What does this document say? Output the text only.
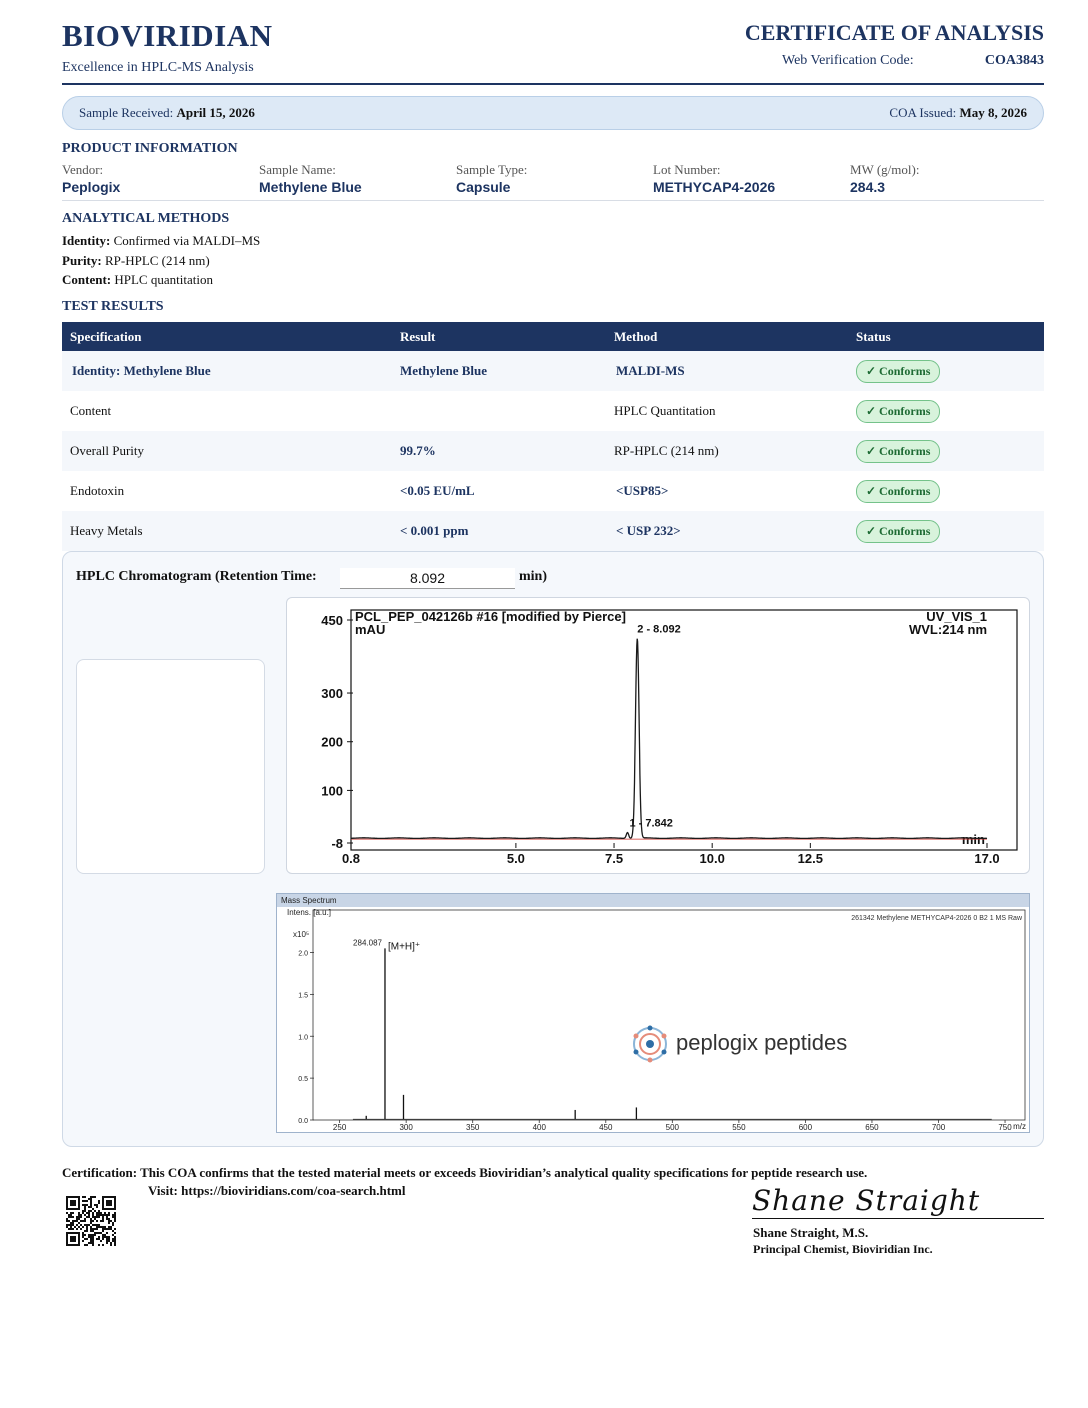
BIOVIRIDIAN
Excellence in HPLC-MS Analysis
CERTIFICATE OF ANALYSIS
Web Verification Code:	COA3843
Sample Received: April 15, 2026	COA Issued: May 8, 2026
PRODUCT INFORMATION
Vendor:
Peplogix
Sample Name:
Methylene Blue
Sample Type:
Capsule
Lot Number:
METHYCAP4-2026
MW (g/mol):
284.3
ANALYTICAL METHODS
Identity: Confirmed via MALDI–MS
Purity: RP-HPLC (214 nm)
Content: HPLC quantitation
TEST RESULTS
Specification	Result	Method	Status
Identity: Methylene Blue	Methylene Blue	MALDI-MS	✓ Conforms
Content		HPLC Quantitation	✓ Conforms
Overall Purity	99.7%	RP-HPLC (214 nm)	✓ Conforms
Endotoxin	<0.05 EU/mL	<USP85>	✓ Conforms
Heavy Metals	< 0.001 ppm	< USP 232>	✓ Conforms
HPLC Chromatogram (Retention Time:	8.092	min)
PCL_PEP_042126b #16 [modified by Pierce]	UV_VIS_1
WVL:214 nm
mAU
min
0.8	5.0	7.5	10.0	12.5	17.0
450
300
200
100
-8
1 - 7.842
2 - 8.092
Mass Spectrum
Intens. [a.u.]
x10⁵
261342 Methylene METHYCAP4-2026 0 B2 1 MS Raw
m/z
peplogix peptides
250	300	350	400	450	500	550	600	650	700	750
2.0
1.5
1.0
0.5
0.0
284.087 [M+H]⁺
Certification: This COA confirms that the tested material meets or exceeds Bioviridian’s analytical quality specifications for peptide research use.
Visit: https://bioviridians.com/coa-search.html	Shane Straight
Shane Straight, M.S.
Principal Chemist, Bioviridian Inc.
